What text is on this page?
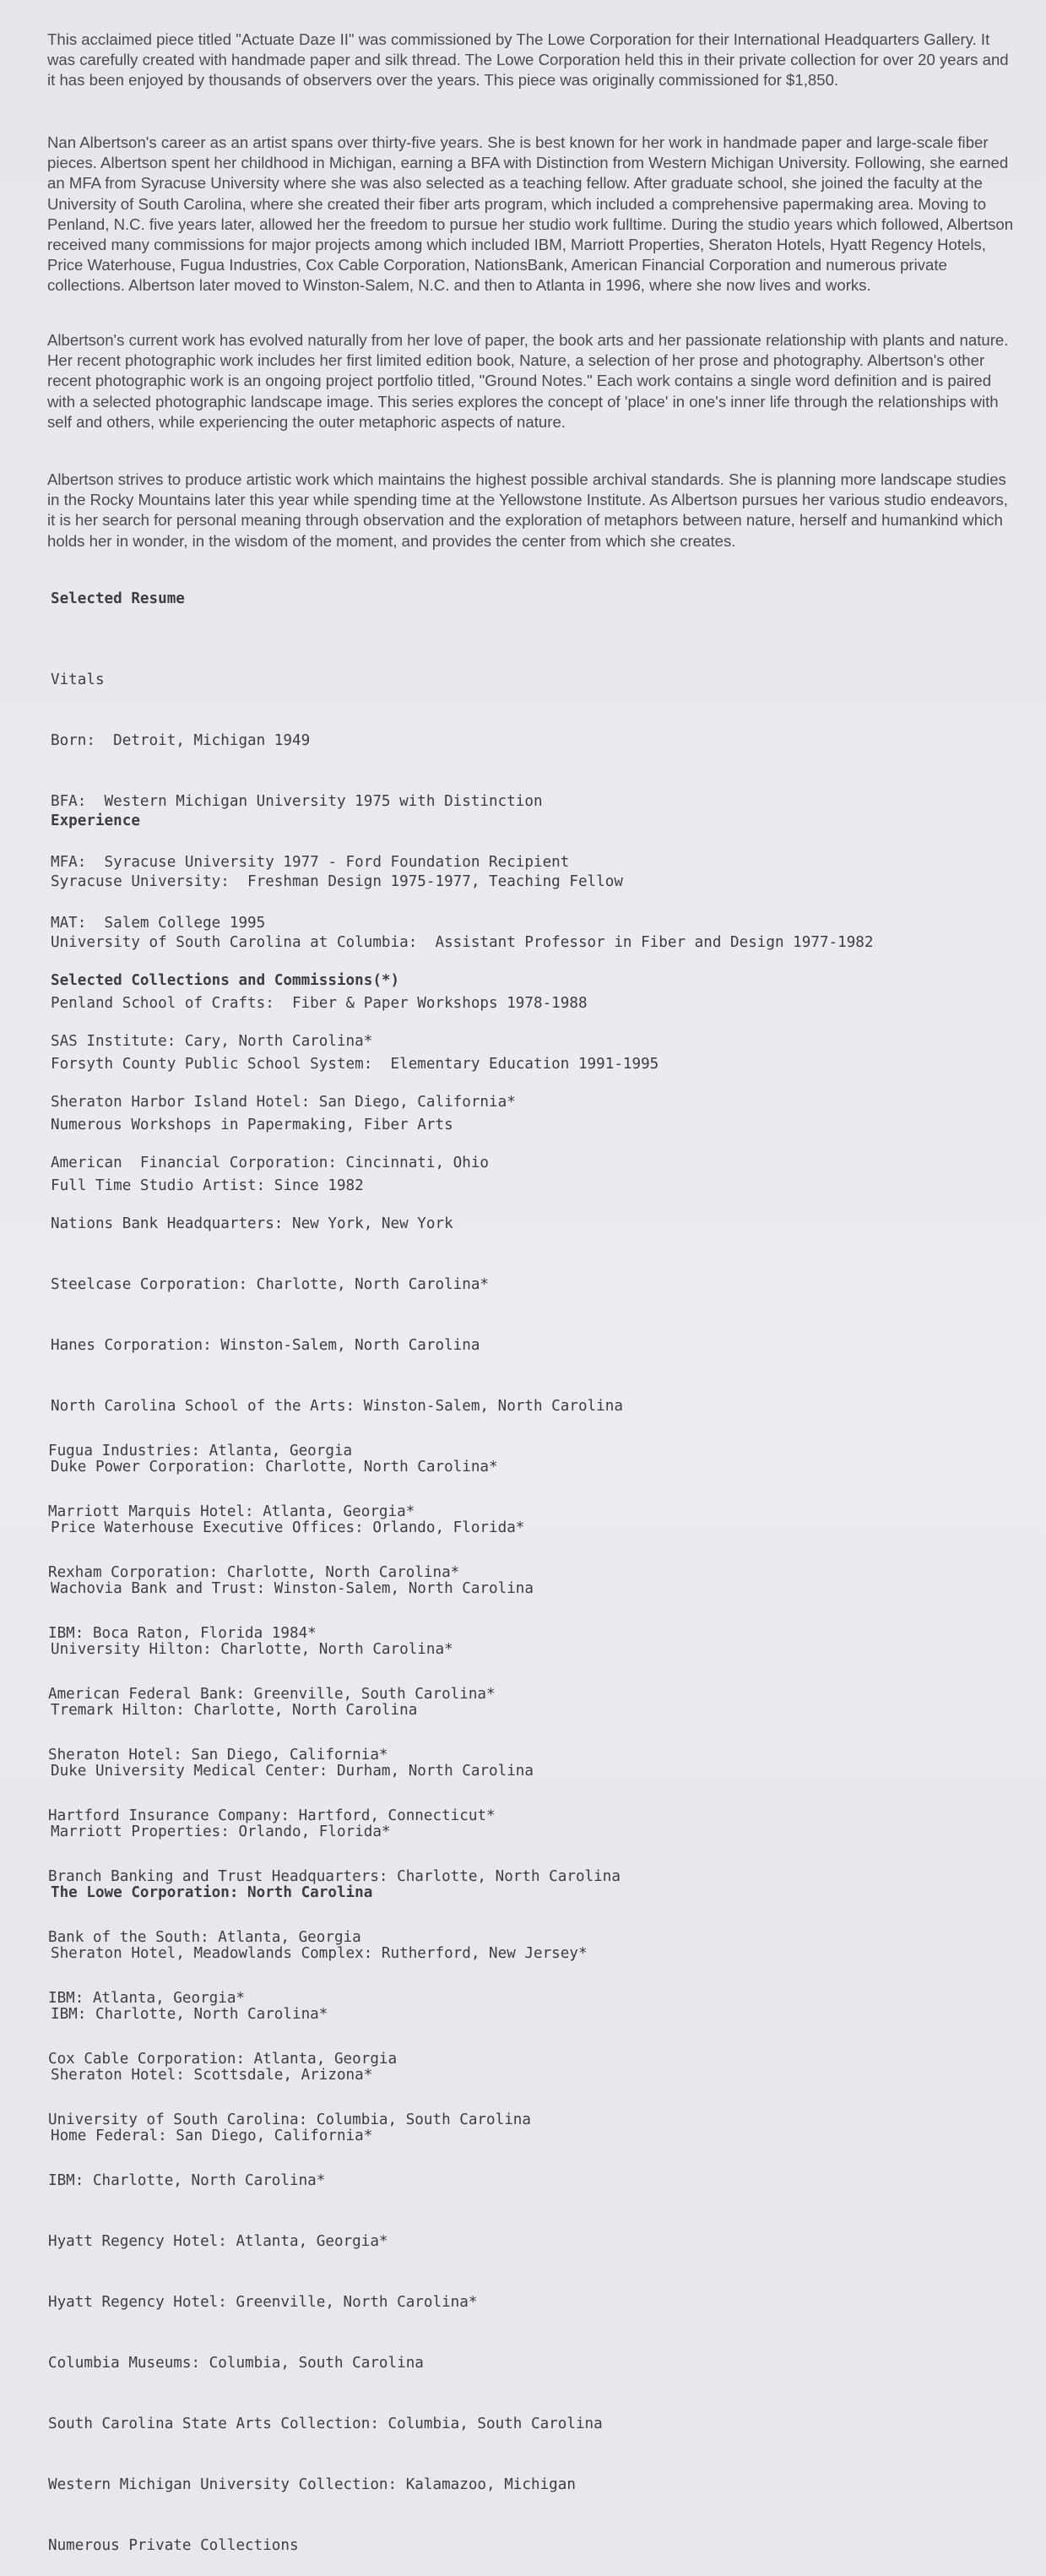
This acclaimed piece titled "Actuate Daze II" was commissioned by The Lowe Corporation for their International Headquarters Gallery. It was carefully created with handmade paper and silk thread. The Lowe Corporation held this in their private collection for over 20 years and it has been enjoyed by thousands of observers over the years. This piece was originally commissioned for $1,850.

Nan Albertson's career as an artist spans over thirty-five years. She is best known for her work in handmade paper and large-scale fiber pieces. Albertson spent her childhood in Michigan, earning a BFA with Distinction from Western Michigan University. Following, she earned an MFA from Syracuse University where she was also selected as a teaching fellow. After graduate school, she joined the faculty at the University of South Carolina, where she created their fiber arts program, which included a comprehensive papermaking area. Moving to Penland, N.C. five years later, allowed her the freedom to pursue her studio work fulltime. During the studio years which followed, Albertson received many commissions for major projects among which included IBM, Marriott Properties, Sheraton Hotels, Hyatt Regency Hotels, Price Waterhouse, Fugua Industries, Cox Cable Corporation, NationsBank, American Financial Corporation and numerous private collections. Albertson later moved to Winston-Salem, N.C. and then to Atlanta in 1996, where she now lives and works.

Albertson's current work has evolved naturally from her love of paper, the book arts and her passionate relationship with plants and nature. Her recent photographic work includes her first limited edition book, Nature, a selection of her prose and photography. Albertson's other recent photographic work is an ongoing project portfolio titled, "Ground Notes." Each work contains a single word definition and is paired with a selected photographic landscape image. This series explores the concept of 'place' in one's inner life through the relationships with self and others, while experiencing the outer metaphoric aspects of nature.

Albertson strives to produce artistic work which maintains the highest possible archival standards. She is planning more landscape studies in the Rocky Mountains later this year while spending time at the Yellowstone Institute. As Albertson pursues her various studio endeavors, it is her search for personal meaning through observation and the exploration of metaphors between nature, herself and humankind which holds her in wonder, in the wisdom of the moment, and provides the center from which she creates.

Selected Resume

Vitals

Born:  Detroit, Michigan 1949

BFA:  Western Michigan University 1975 with Distinction

MFA:  Syracuse University 1977 - Ford Foundation Recipient

MAT:  Salem College 1995

Experience

Syracuse University:  Freshman Design 1975-1977, Teaching Fellow

University of South Carolina at Columbia:  Assistant Professor in Fiber and Design 1977-1982

Penland School of Crafts:  Fiber & Paper Workshops 1978-1988

Forsyth County Public School System:  Elementary Education 1991-1995

Numerous Workshops in Papermaking, Fiber Arts

Full Time Studio Artist: Since 1982

Selected Collections and Commissions(*)

SAS Institute: Cary, North Carolina*

Sheraton Harbor Island Hotel: San Diego, California*

American  Financial Corporation: Cincinnati, Ohio

Nations Bank Headquarters: New York, New York

Steelcase Corporation: Charlotte, North Carolina*

Hanes Corporation: Winston-Salem, North Carolina

North Carolina School of the Arts: Winston-Salem, North Carolina

Duke Power Corporation: Charlotte, North Carolina*

Price Waterhouse Executive Offices: Orlando, Florida*

Wachovia Bank and Trust: Winston-Salem, North Carolina

University Hilton: Charlotte, North Carolina*

Tremark Hilton: Charlotte, North Carolina

Duke University Medical Center: Durham, North Carolina

Marriott Properties: Orlando, Florida*

The Lowe Corporation: North Carolina

Sheraton Hotel, Meadowlands Complex: Rutherford, New Jersey*

IBM: Charlotte, North Carolina*

Sheraton Hotel: Scottsdale, Arizona*

Home Federal: San Diego, California*

Fugua Industries: Atlanta, Georgia

Marriott Marquis Hotel: Atlanta, Georgia*

Rexham Corporation: Charlotte, North Carolina*

IBM: Boca Raton, Florida 1984*

American Federal Bank: Greenville, South Carolina*

Sheraton Hotel: San Diego, California*

Hartford Insurance Company: Hartford, Connecticut*

Branch Banking and Trust Headquarters: Charlotte, North Carolina

Bank of the South: Atlanta, Georgia

IBM: Atlanta, Georgia*

Cox Cable Corporation: Atlanta, Georgia

University of South Carolina: Columbia, South Carolina

IBM: Charlotte, North Carolina*

Hyatt Regency Hotel: Atlanta, Georgia*

Hyatt Regency Hotel: Greenville, North Carolina*

Columbia Museums: Columbia, South Carolina

South Carolina State Arts Collection: Columbia, South Carolina

Western Michigan University Collection: Kalamazoo, Michigan

Numerous Private Collections
